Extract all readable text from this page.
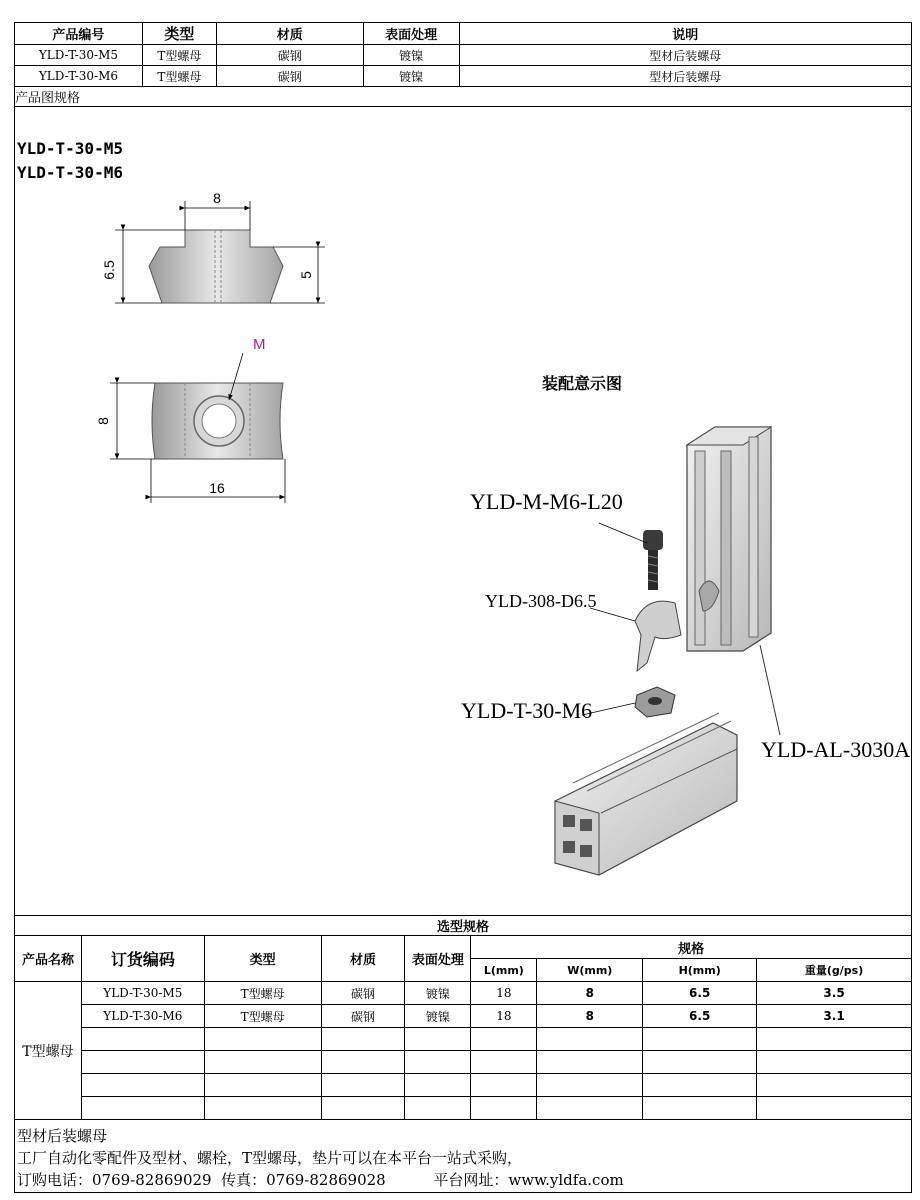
产品编号	类型	材质	表面处理	说明
YLD-T-30-M5	T型螺母	碳钢	镀镍	型材后装螺母
YLD-T-30-M6	T型螺母	碳钢	镀镍	型材后装螺母
产品图规格				
YLD-T-30-M5
YLD-T-30-M6
8
6.5	5
M
8
16
装配意示图
YLD-M-M6-L20
YLD-308-D6.5
YLD-T-30-M6
YLD-AL-3030A
选型规格								
产品名称	订货编码	类型	材质	表面处理	规格			
					L(mm)	W(mm)	H(mm)	重量(g/ps)
T型螺母	YLD-T-30-M5	T型螺母	碳钢	镀镍	18	8	6.5	3.5
	YLD-T-30-M6	T型螺母	碳钢	镀镍	18	8	6.5	3.1

型材后装螺母
工厂自动化零配件及型材、螺栓，T型螺母，垫片可以在本平台一站式采购，
订购电话：0769-82869029  传真：0769-82869028          平台网址：www.yldfa.com
